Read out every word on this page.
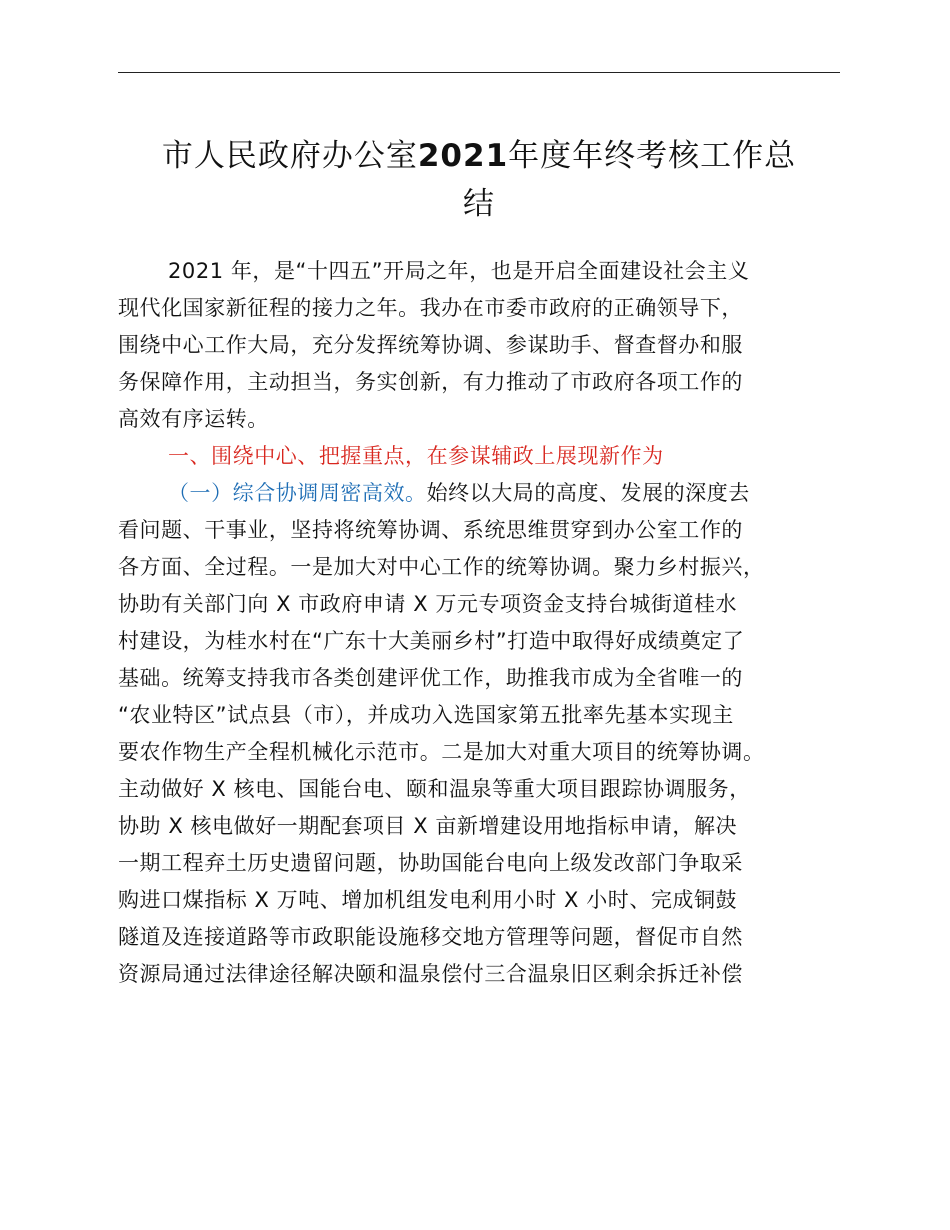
市人民政府办公室2021年度年终考核工作总
结
2021 年，是“十四五”开局之年，也是开启全面建设社会主义
现代化国家新征程的接力之年。我办在市委市政府的正确领导下，
围绕中心工作大局，充分发挥统筹协调、参谋助手、督查督办和服
务保障作用，主动担当，务实创新，有力推动了市政府各项工作的
高效有序运转。
一、围绕中心、把握重点，在参谋辅政上展现新作为
（一）综合协调周密高效。始终以大局的高度、发展的深度去
看问题、干事业，坚持将统筹协调、系统思维贯穿到办公室工作的
各方面、全过程。一是加大对中心工作的统筹协调。聚力乡村振兴，
协助有关部门向 X 市政府申请 X 万元专项资金支持台城街道桂水
村建设，为桂水村在“广东十大美丽乡村”打造中取得好成绩奠定了
基础。统筹支持我市各类创建评优工作，助推我市成为全省唯一的
“农业特区”试点县（市），并成功入选国家第五批率先基本实现主
要农作物生产全程机械化示范市。二是加大对重大项目的统筹协调。
主动做好 X 核电、国能台电、颐和温泉等重大项目跟踪协调服务，
协助 X 核电做好一期配套项目 X 亩新增建设用地指标申请，解决
一期工程弃土历史遗留问题，协助国能台电向上级发改部门争取采
购进口煤指标 X 万吨、增加机组发电利用小时 X 小时、完成铜鼓
隧道及连接道路等市政职能设施移交地方管理等问题，督促市自然
资源局通过法律途径解决颐和温泉偿付三合温泉旧区剩余拆迁补偿
